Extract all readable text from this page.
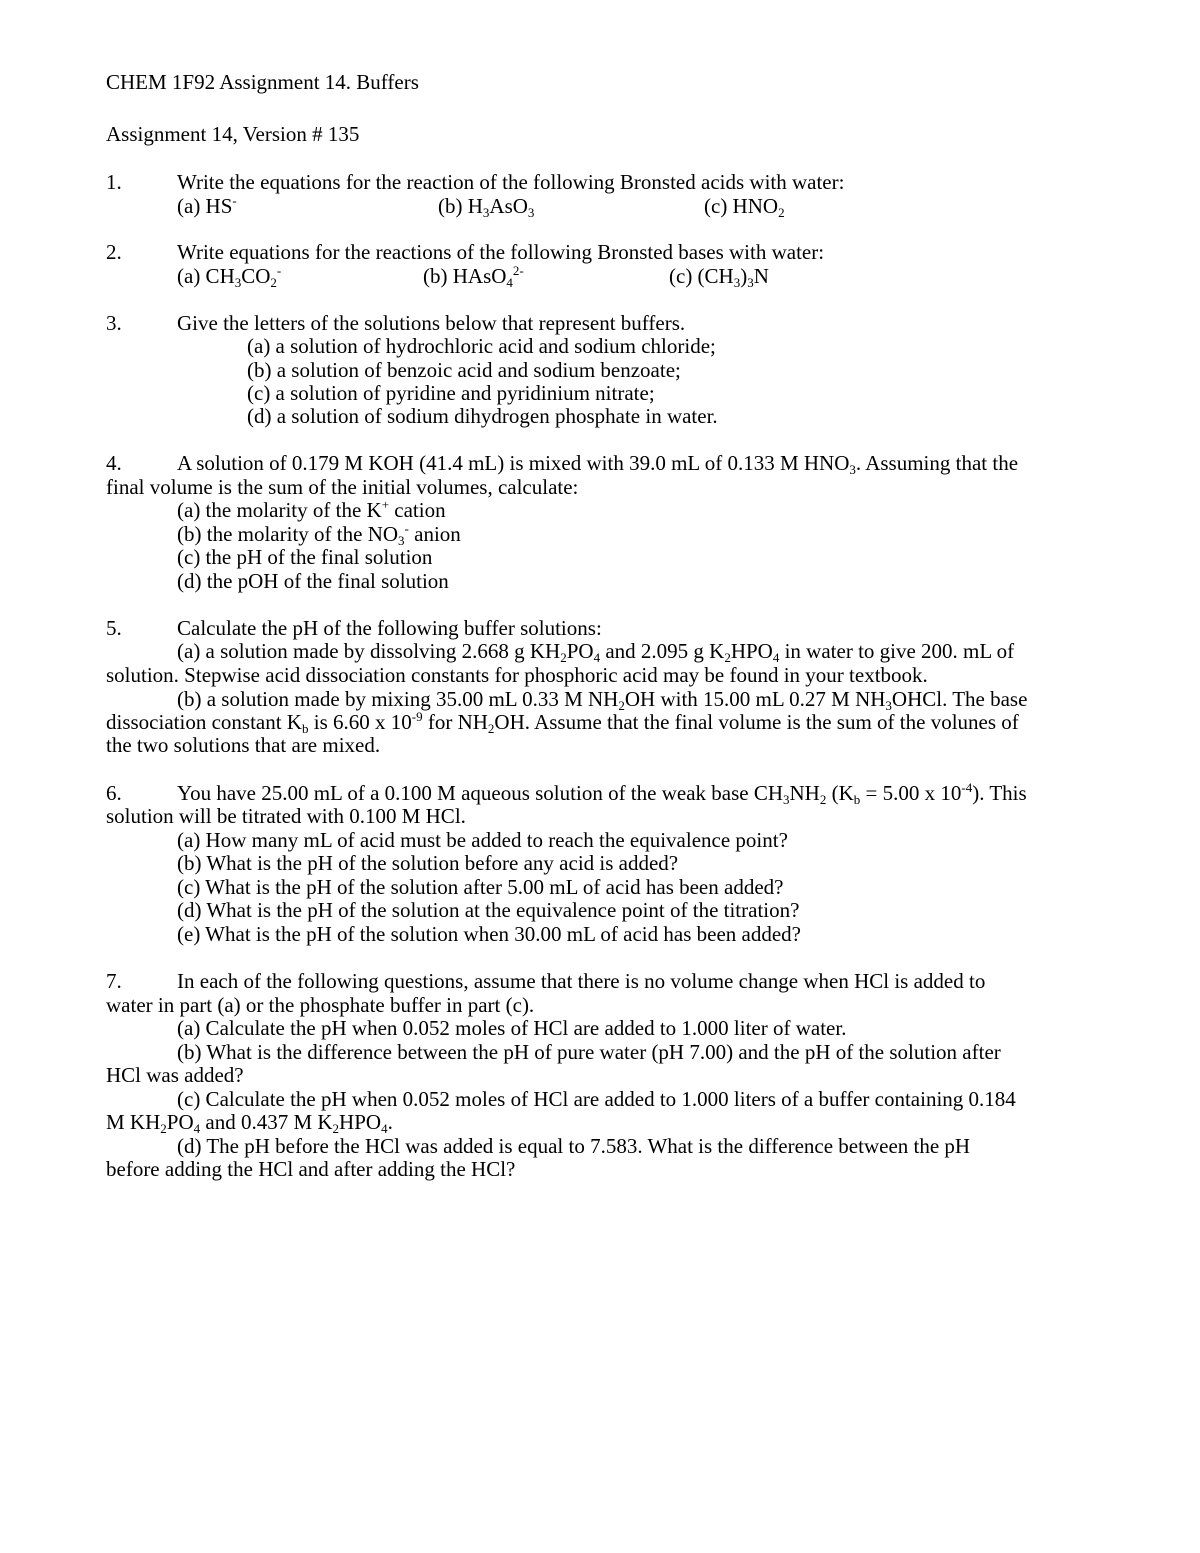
CHEM 1F92 Assignment 14. Buffers
Assignment 14, Version # 135
1.	Write the equations for the reaction of the following Bronsted acids with water:
(a) HS-	(b) $H_3AsO_3$	(c) $HNO_2$
2.	Write equations for the reactions of the following Bronsted bases with water:
(a) $CH_3CO_2^-$	(b) HAsO$_4^{2-}$	(c) $(CH_3)_3N$
3.	Give the letters of the solutions below that represent buffers.
(a) a solution of hydrochloric acid and sodium chloride;
(b) a solution of benzoic acid and sodium benzoate;
(c) a solution of pyridine and pyridinium nitrate;
(d) a solution of sodium dihydrogen phosphate in water.
4.	A solution of 0.179 M KOH (41.4 mL) is mixed with 39.0 mL of 0.133 M $HNO_3$. Assuming that the
final volume is the sum of the initial volumes, calculate:
(a) the molarity of the K+ cation
(b) the molarity of the $NO_3^-$ anion
(c) the pH of the final solution
(d) the pOH of the final solution
5.	Calculate the pH of the following buffer solutions:
(a) a solution made by dissolving 2.668 g $KH_2PO_4$ and 2.095 g $K_2HPO_4$ in water to give 200. mL of
solution. Stepwise acid dissociation constants for phosphoric acid may be found in your textbook.
(b) a solution made by mixing 35.00 mL 0.33 M $NH_2OH$ with 15.00 mL 0.27 M $NH_3OHCl$. The base
dissociation constant $K_b$ is 6.60 x $10^{-9}$ for $NH_2OH$. Assume that the final volume is the sum of the volunes of
the two solutions that are mixed.
6.	You have 25.00 mL of a 0.100 M aqueous solution of the weak base $CH_3NH_2$ ($K_b = 5.00$ x $10^{-4}$). This
solution will be titrated with 0.100 M HCl.
(a) How many mL of acid must be added to reach the equivalence point?
(b) What is the pH of the solution before any acid is added?
(c) What is the pH of the solution after 5.00 mL of acid has been added?
(d) What is the pH of the solution at the equivalence point of the titration?
(e) What is the pH of the solution when 30.00 mL of acid has been added?
7.	In each of the following questions, assume that there is no volume change when HCl is added to
water in part (a) or the phosphate buffer in part (c).
(a) Calculate the pH when 0.052 moles of HCl are added to 1.000 liter of water.
(b) What is the difference between the pH of pure water (pH 7.00) and the pH of the solution after
HCl was added?
(c) Calculate the pH when 0.052 moles of HCl are added to 1.000 liters of a buffer containing 0.184
M $KH_2PO_4$ and 0.437 M $K_2HPO_4$.
(d) The pH before the HCl was added is equal to 7.583. What is the difference between the pH
before adding the HCl and after adding the HCl?
